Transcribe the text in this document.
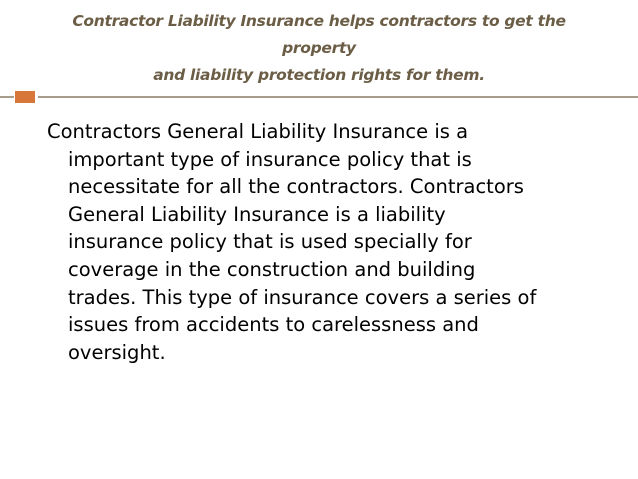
Contractor Liability Insurance helps contractors to get the
property
and liability protection rights for them.
Contractors General Liability Insurance is a
important type of insurance policy that is
necessitate for all the contractors. Contractors
General Liability Insurance is a liability
insurance policy that is used specially for
coverage in the construction and building
trades. This type of insurance covers a series of
issues from accidents to carelessness and
oversight.
